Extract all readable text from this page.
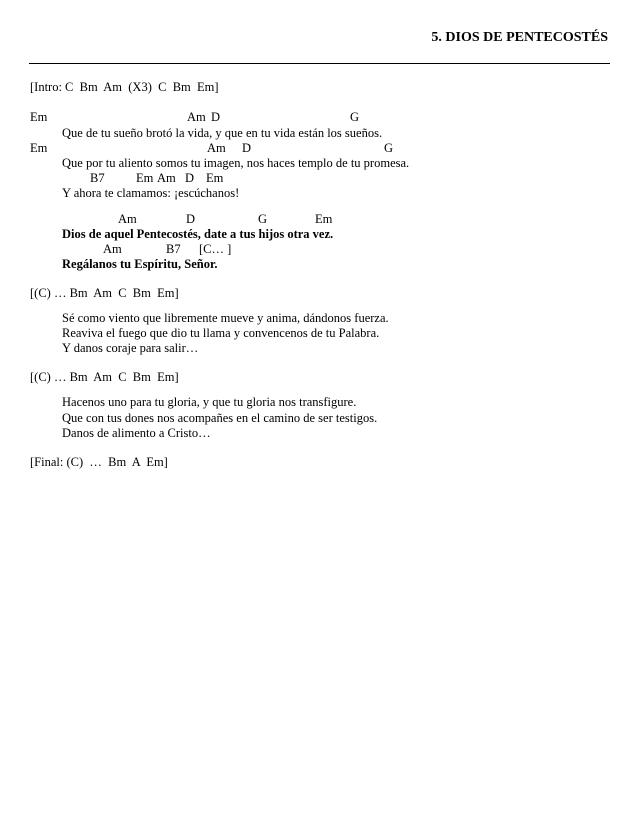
5. DIOS DE PENTECOSTÉS
[Intro: C  Bm  Am  (X3)  C  Bm  Em]
Em	Am D	G
Que de tu sueño brotó la vida, y que en tu vida están los sueños.
Em	Am D	G
Que por tu aliento somos tu imagen, nos haces templo de tu promesa.
B7	Em Am D Em
Y ahora te clamamos: ¡escúchanos!
Am	D	G	Em
Dios de aquel Pentecostés, date a tus hijos otra vez.
Am	B7 [C… ]
Regálanos tu Espíritu, Señor.
[(C) … Bm  Am  C  Bm  Em]
Sé como viento que libremente mueve y anima, dándonos fuerza.
Reaviva el fuego que dio tu llama y convencenos de tu Palabra.
Y danos coraje para salir…
[(C) … Bm  Am  C  Bm  Em]
Hacenos uno para tu gloria, y que tu gloria nos transfigure.
Que con tus dones nos acompañes en el camino de ser testigos.
Danos de alimento a Cristo…
[Final: (C)  …  Bm  A  Em]
